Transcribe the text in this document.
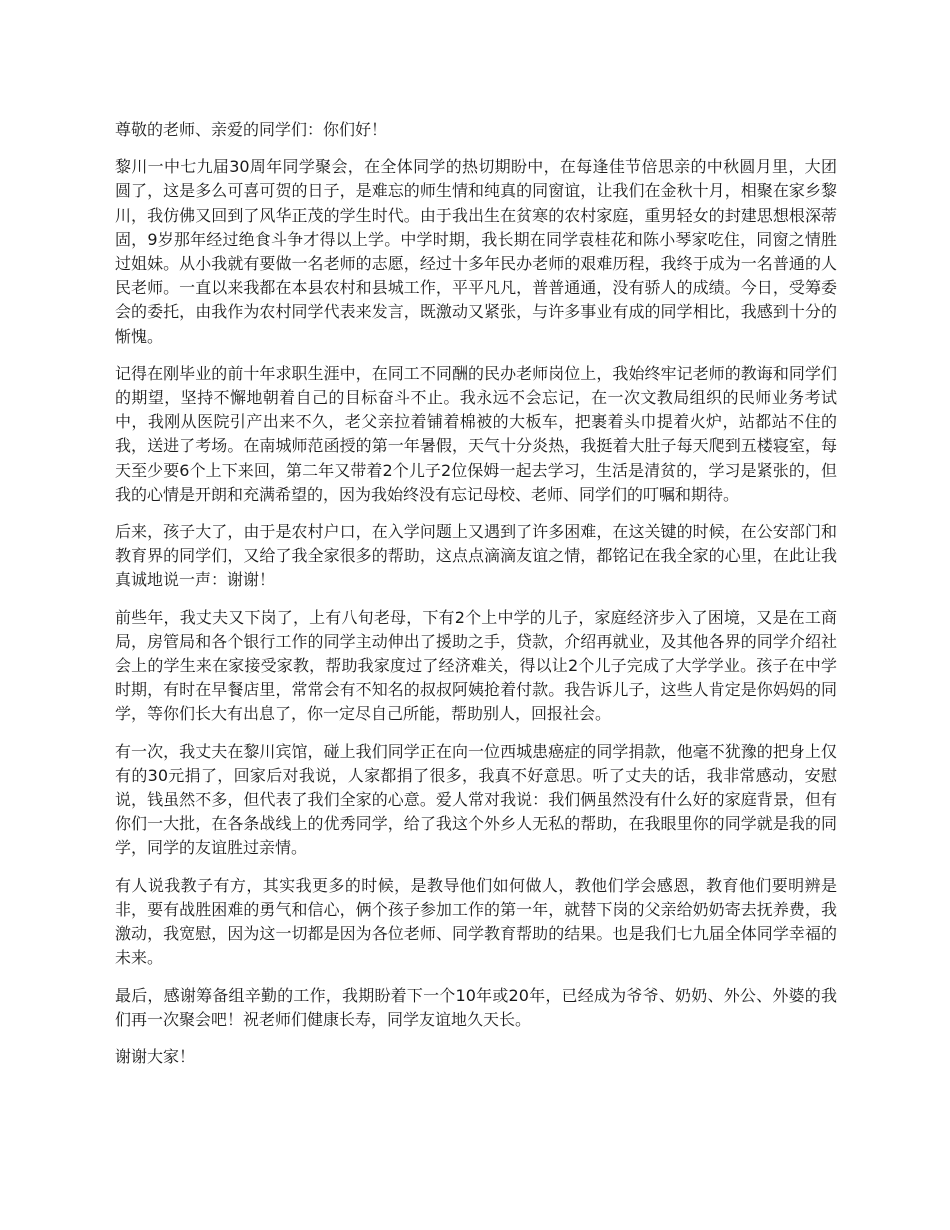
尊敬的老师、亲爱的同学们：你们好！

黎川一中七九届30周年同学聚会，在全体同学的热切期盼中，在每逢佳节倍思亲的中秋圆月里，大团圆了，这是多么可喜可贺的日子，是难忘的师生情和纯真的同窗谊，让我们在金秋十月，相聚在家乡黎川，我仿佛又回到了风华正茂的学生时代。由于我出生在贫寒的农村家庭，重男轻女的封建思想根深蒂固，9岁那年经过绝食斗争才得以上学。中学时期，我长期在同学袁桂花和陈小琴家吃住，同窗之情胜过姐妹。从小我就有要做一名老师的志愿，经过十多年民办老师的艰难历程，我终于成为一名普通的人民老师。一直以来我都在本县农村和县城工作，平平凡凡，普普通通，没有骄人的成绩。今日，受筹委会的委托，由我作为农村同学代表来发言，既激动又紧张，与许多事业有成的同学相比，我感到十分的惭愧。

记得在刚毕业的前十年求职生涯中，在同工不同酬的民办老师岗位上，我始终牢记老师的教诲和同学们的期望，坚持不懈地朝着自己的目标奋斗不止。我永远不会忘记，在一次文教局组织的民师业务考试中，我刚从医院引产出来不久，老父亲拉着铺着棉被的大板车，把裹着头巾提着火炉，站都站不住的我，送进了考场。在南城师范函授的第一年暑假，天气十分炎热，我挺着大肚子每天爬到五楼寝室，每天至少要6个上下来回，第二年又带着2个儿子2位保姆一起去学习，生活是清贫的，学习是紧张的，但我的心情是开朗和充满希望的，因为我始终没有忘记母校、老师、同学们的叮嘱和期待。

后来，孩子大了，由于是农村户口，在入学问题上又遇到了许多困难，在这关键的时候，在公安部门和教育界的同学们，又给了我全家很多的帮助，这点点滴滴友谊之情，都铭记在我全家的心里，在此让我真诚地说一声：谢谢！

前些年，我丈夫又下岗了，上有八旬老母，下有2个上中学的儿子，家庭经济步入了困境，又是在工商局，房管局和各个银行工作的同学主动伸出了援助之手，贷款，介绍再就业，及其他各界的同学介绍社会上的学生来在家接受家教，帮助我家度过了经济难关，得以让2个儿子完成了大学学业。孩子在中学时期，有时在早餐店里，常常会有不知名的叔叔阿姨抢着付款。我告诉儿子，这些人肯定是你妈妈的同学，等你们长大有出息了，你一定尽自己所能，帮助别人，回报社会。

有一次，我丈夫在黎川宾馆，碰上我们同学正在向一位西城患癌症的同学捐款，他毫不犹豫的把身上仅有的30元捐了，回家后对我说，人家都捐了很多，我真不好意思。听了丈夫的话，我非常感动，安慰说，钱虽然不多，但代表了我们全家的心意。爱人常对我说：我们俩虽然没有什么好的家庭背景，但有你们一大批，在各条战线上的优秀同学，给了我这个外乡人无私的帮助，在我眼里你的同学就是我的同学，同学的友谊胜过亲情。

有人说我教子有方，其实我更多的时候，是教导他们如何做人，教他们学会感恩，教育他们要明辨是非，要有战胜困难的勇气和信心，俩个孩子参加工作的第一年，就替下岗的父亲给奶奶寄去抚养费，我激动，我宽慰，因为这一切都是因为各位老师、同学教育帮助的结果。也是我们七九届全体同学幸福的未来。

最后，感谢筹备组辛勤的工作，我期盼着下一个10年或20年，已经成为爷爷、奶奶、外公、外婆的我们再一次聚会吧！祝老师们健康长寿，同学友谊地久天长。

谢谢大家！
